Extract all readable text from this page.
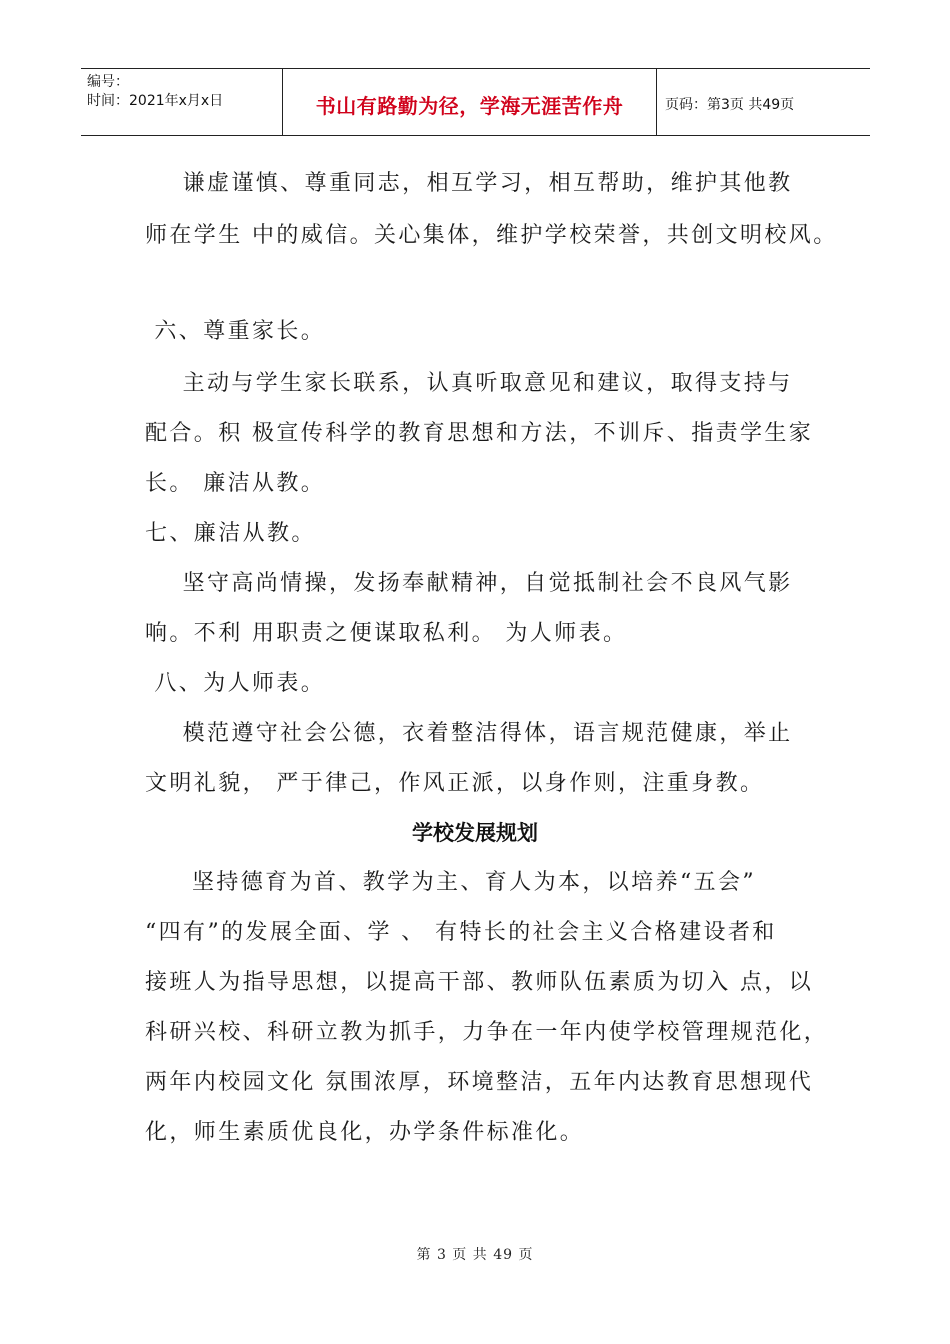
编号：
时间：2021年x月x日	书山有路勤为径，学海无涯苦作舟	页码：第3页 共49页
谦虚谨慎、尊重同志，相互学习，相互帮助，维护其他教
师在学生 中的威信。关心集体，维护学校荣誉，共创文明校风。
六、尊重家长。
主动与学生家长联系，认真听取意见和建议，取得支持与
配合。积 极宣传科学的教育思想和方法，不训斥、指责学生家
长。 廉洁从教。
七、廉洁从教。
坚守高尚情操，发扬奉献精神，自觉抵制社会不良风气影
响。不利 用职责之便谋取私利。 为人师表。
八、为人师表。
模范遵守社会公德，衣着整洁得体，语言规范健康，举止
文明礼貌， 严于律己，作风正派，以身作则，注重身教。
学校发展规划
坚持德育为首、教学为主、育人为本，以培养“五会”
“四有”的发展全面、学 、 有特长的社会主义合格建设者和
接班人为指导思想，以提高干部、教师队伍素质为切入 点，以
科研兴校、科研立教为抓手，力争在一年内使学校管理规范化，
两年内校园文化 氛围浓厚，环境整洁，五年内达教育思想现代
化，师生素质优良化，办学条件标准化。
第 3 页 共 49 页
